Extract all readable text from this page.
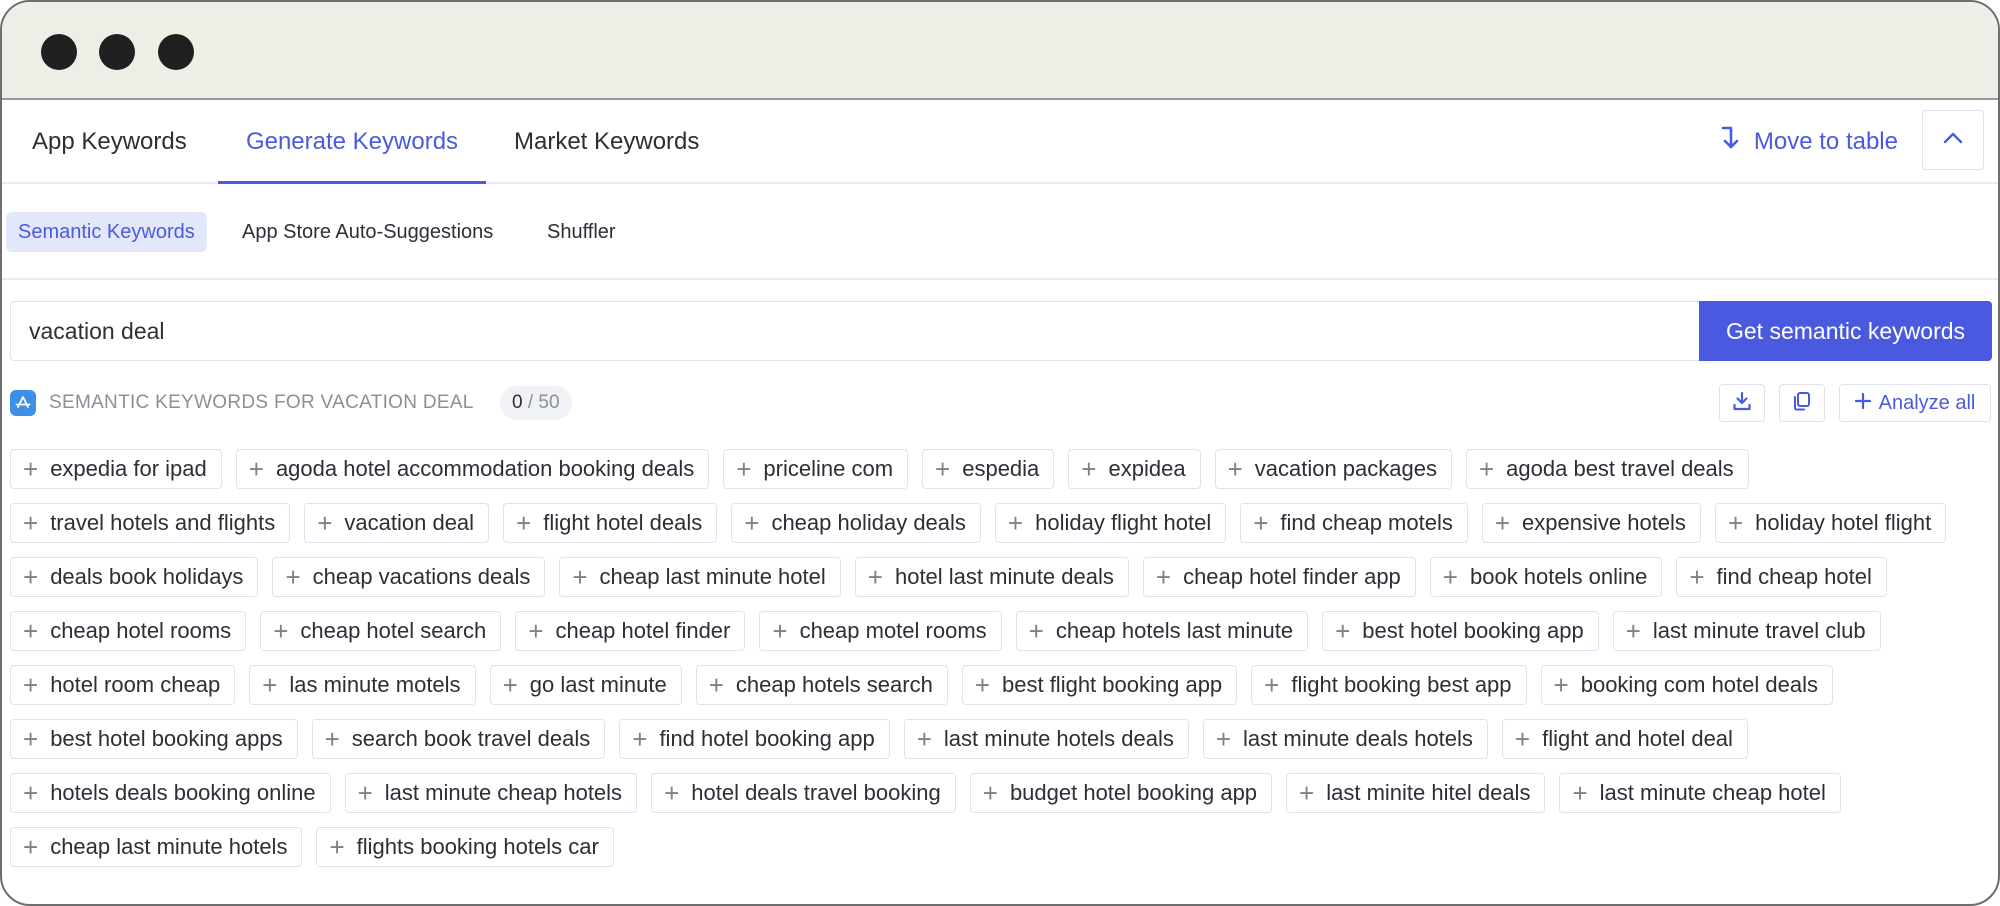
App Keywords	Generate Keywords	Market Keywords	Move to table
Semantic Keywords	App Store Auto-Suggestions	Shuffler
vacation deal
Get semantic keywords
SEMANTIC KEYWORDS FOR VACATION DEAL	0 / 50	Analyze all
+ expedia for ipad + agoda hotel accommodation booking deals + priceline com + espedia + expidea + vacation packages + agoda best travel deals
+ travel hotels and flights + vacation deal + flight hotel deals + cheap holiday deals + holiday flight hotel + find cheap motels + expensive hotels + holiday hotel flight
+ deals book holidays + cheap vacations deals + cheap last minute hotel + hotel last minute deals + cheap hotel finder app + book hotels online + find cheap hotel
+ cheap hotel rooms + cheap hotel search + cheap hotel finder + cheap motel rooms + cheap hotels last minute + best hotel booking app + last minute travel club
+ hotel room cheap + las minute motels + go last minute + cheap hotels search + best flight booking app + flight booking best app + booking com hotel deals
+ best hotel booking apps + search book travel deals + find hotel booking app + last minute hotels deals + last minute deals hotels + flight and hotel deal
+ hotels deals booking online + last minute cheap hotels + hotel deals travel booking + budget hotel booking app + last minite hitel deals + last minute cheap hotel
+ cheap last minute hotels + flights booking hotels car
